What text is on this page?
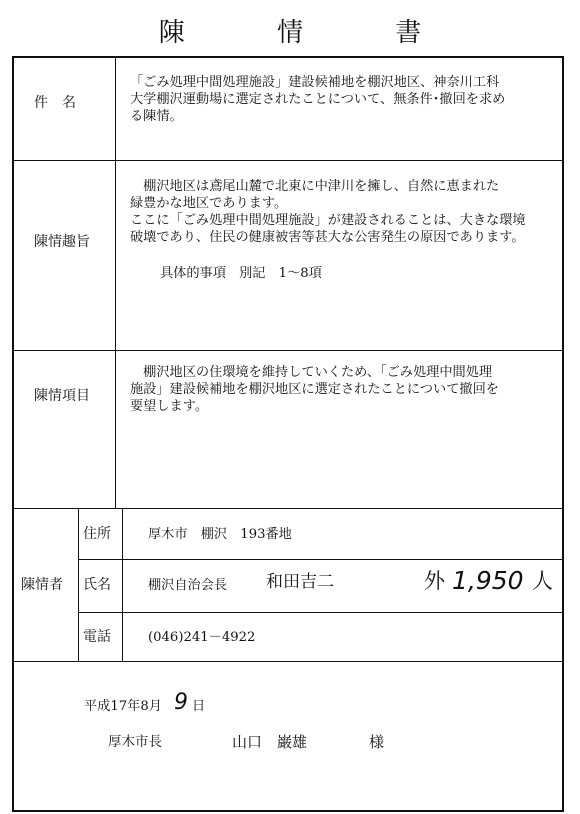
陳 情 書
件　名
「ごみ処理中間処理施設」建設候補地を棚沢地区、神奈川工科
大学棚沢運動場に選定されたことについて、無条件･撤回を求め
る陳情。
陳情趣旨
　棚沢地区は鳶尾山麓で北東に中津川を擁し、自然に恵まれた
緑豊かな地区であります。
ここに「ごみ処理中間処理施設」が建設されることは、大きな環境
破壊であり、住民の健康被害等甚大な公害発生の原因であります。
具体的事項　別記　1～8項
陳情項目
　棚沢地区の住環境を維持していくため、「ごみ処理中間処理
施設」建設候補地を棚沢地区に選定されたことについて撤回を
要望します。
陳情者
住所	厚木市　棚沢　193番地
氏名	棚沢自治会長 和田吉二	外 1,950 人
電話	(046)241－4922
平成17年8月 9 日
厚木市長	山口　巌雄	様
